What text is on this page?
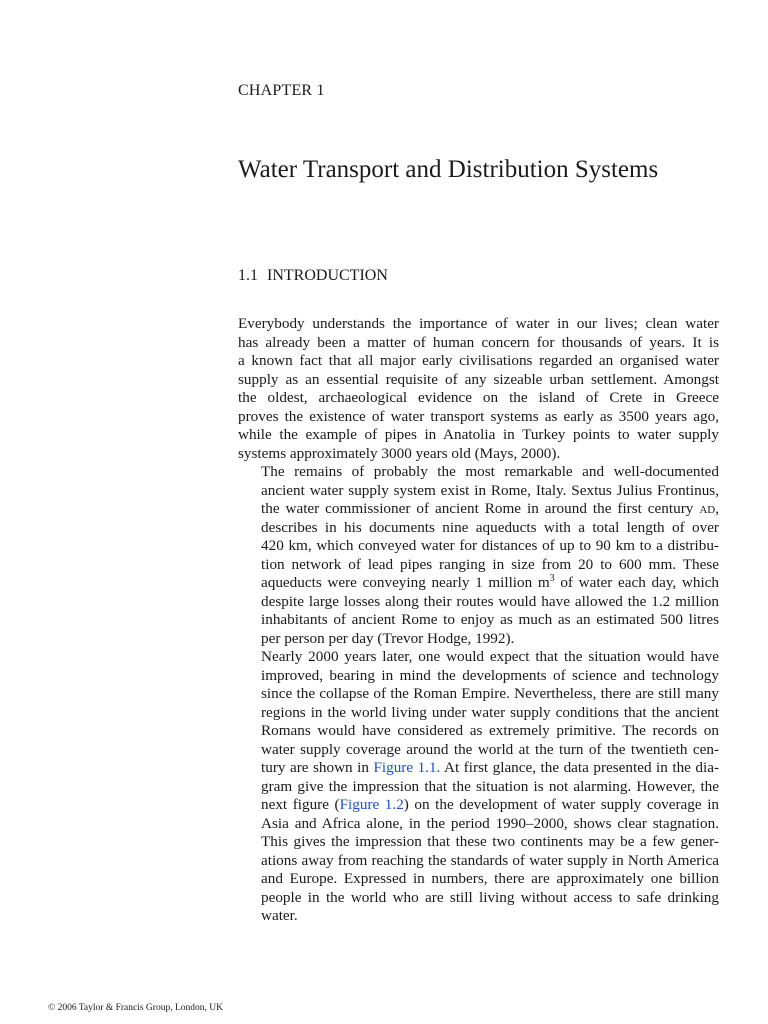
CHAPTER 1
Water Transport and Distribution Systems
1.1 INTRODUCTION

Everybody understands the importance of water in our lives; clean water
has already been a matter of human concern for thousands of years. It is
a known fact that all major early civilisations regarded an organised water
supply as an essential requisite of any sizeable urban settlement. Amongst
the oldest, archaeological evidence on the island of Crete in Greece
proves the existence of water transport systems as early as 3500 years ago,
while the example of pipes in Anatolia in Turkey points to water supply
systems approximately 3000 years old (Mays, 2000).

The remains of probably the most remarkable and well-documented
ancient water supply system exist in Rome, Italy. Sextus Julius Frontinus,
the water commissioner of ancient Rome in around the first century ad,
describes in his documents nine aqueducts with a total length of over
420 km, which conveyed water for distances of up to 90 km to a distribu-
tion network of lead pipes ranging in size from 20 to 600 mm. These
aqueducts were conveying nearly 1 million $m^3$ of water each day, which
despite large losses along their routes would have allowed the 1.2 million
inhabitants of ancient Rome to enjoy as much as an estimated 500 litres
per person per day (Trevor Hodge, 1992).

Nearly 2000 years later, one would expect that the situation would have
improved, bearing in mind the developments of science and technology
since the collapse of the Roman Empire. Nevertheless, there are still many
regions in the world living under water supply conditions that the ancient
Romans would have considered as extremely primitive. The records on
water supply coverage around the world at the turn of the twentieth cen-
tury are shown in Figure 1.1. At first glance, the data presented in the dia-
gram give the impression that the situation is not alarming. However, the
next figure (Figure 1.2) on the development of water supply coverage in
Asia and Africa alone, in the period 1990–2000, shows clear stagnation.
This gives the impression that these two continents may be a few gener-
ations away from reaching the standards of water supply in North America
and Europe. Expressed in numbers, there are approximately one billion
people in the world who are still living without access to safe drinking
water.

© 2006 Taylor & Francis Group, London, UK
